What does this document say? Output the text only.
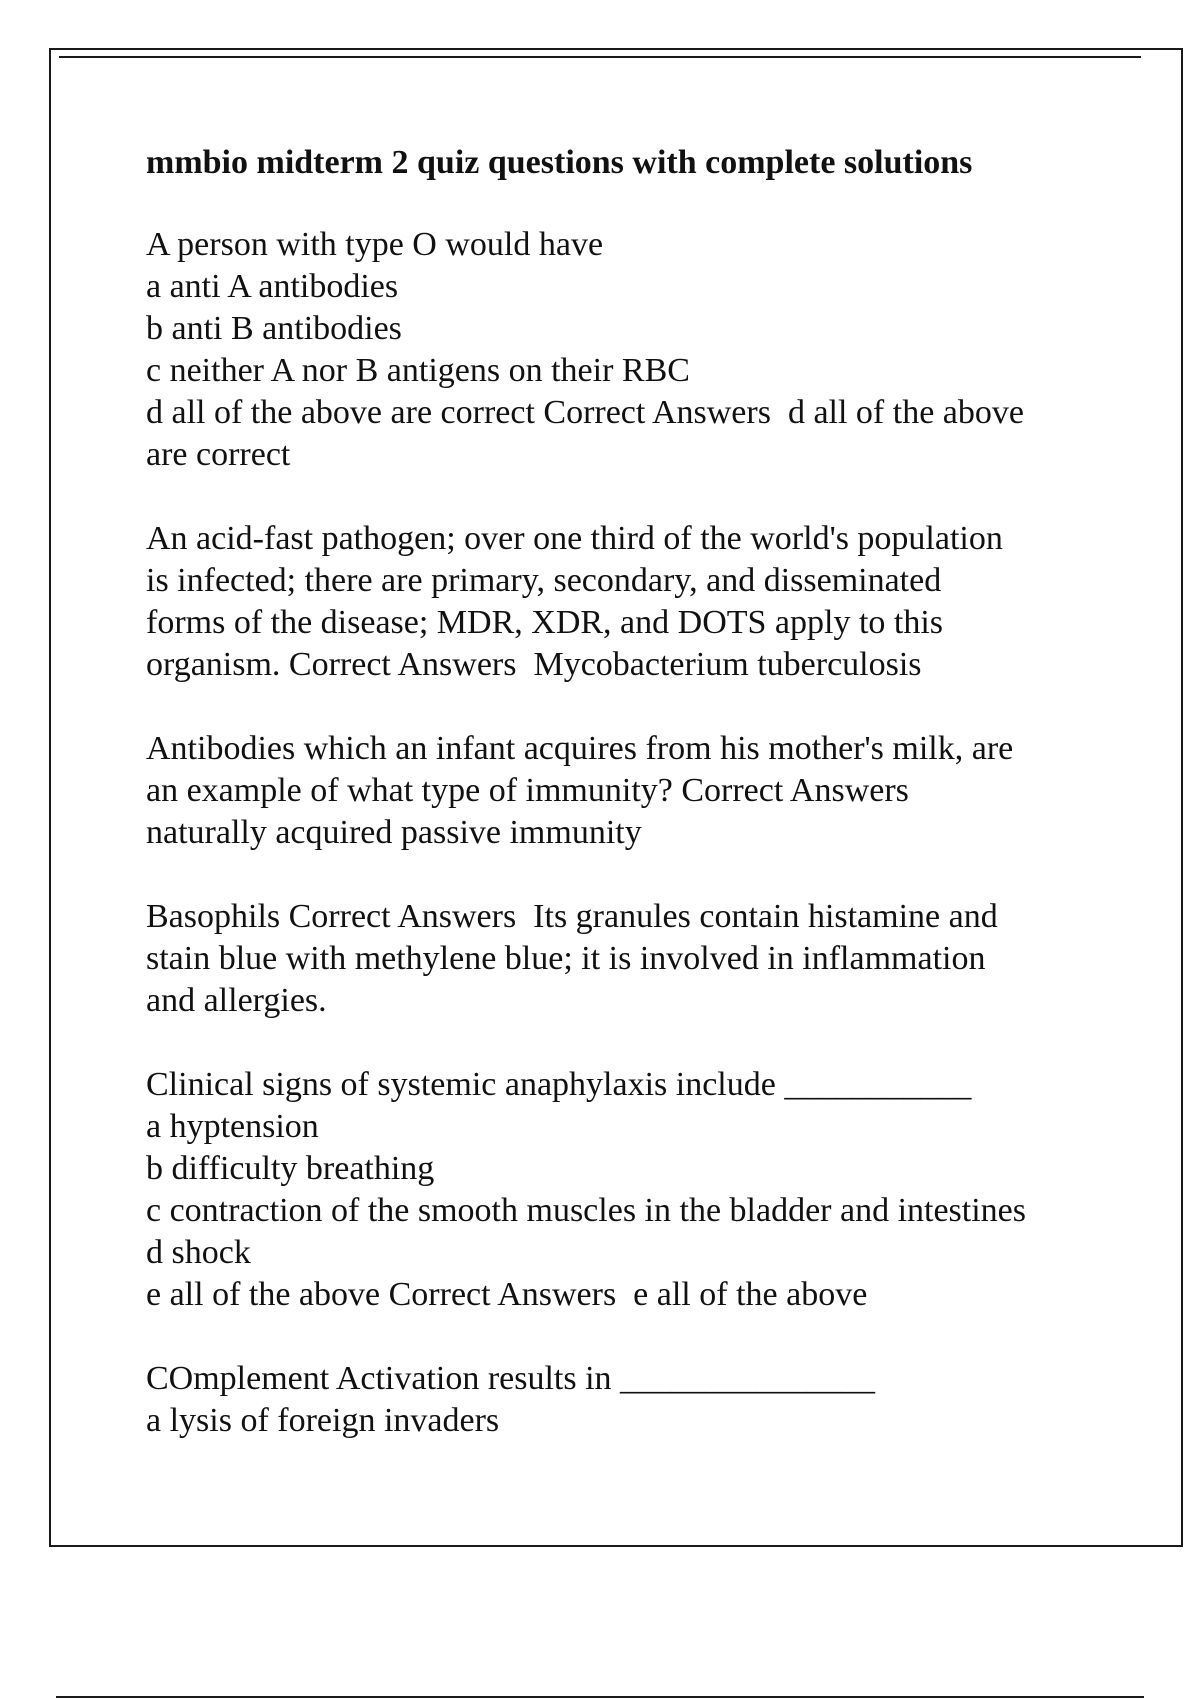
mmbio midterm 2 quiz questions with complete solutions
A person with type O would have
a anti A antibodies
b anti B antibodies
c neither A nor B antigens on their RBC
d all of the above are correct Correct Answers  d all of the above
are correct
An acid-fast pathogen; over one third of the world's population
is infected; there are primary, secondary, and disseminated
forms of the disease; MDR, XDR, and DOTS apply to this
organism. Correct Answers  Mycobacterium tuberculosis
Antibodies which an infant acquires from his mother's milk, are
an example of what type of immunity? Correct Answers
naturally acquired passive immunity
Basophils Correct Answers  Its granules contain histamine and
stain blue with methylene blue; it is involved in inflammation
and allergies.
Clinical signs of systemic anaphylaxis include ___________
a hyptension
b difficulty breathing
c contraction of the smooth muscles in the bladder and intestines
d shock
e all of the above Correct Answers  e all of the above
COmplement Activation results in _______________
a lysis of foreign invaders
